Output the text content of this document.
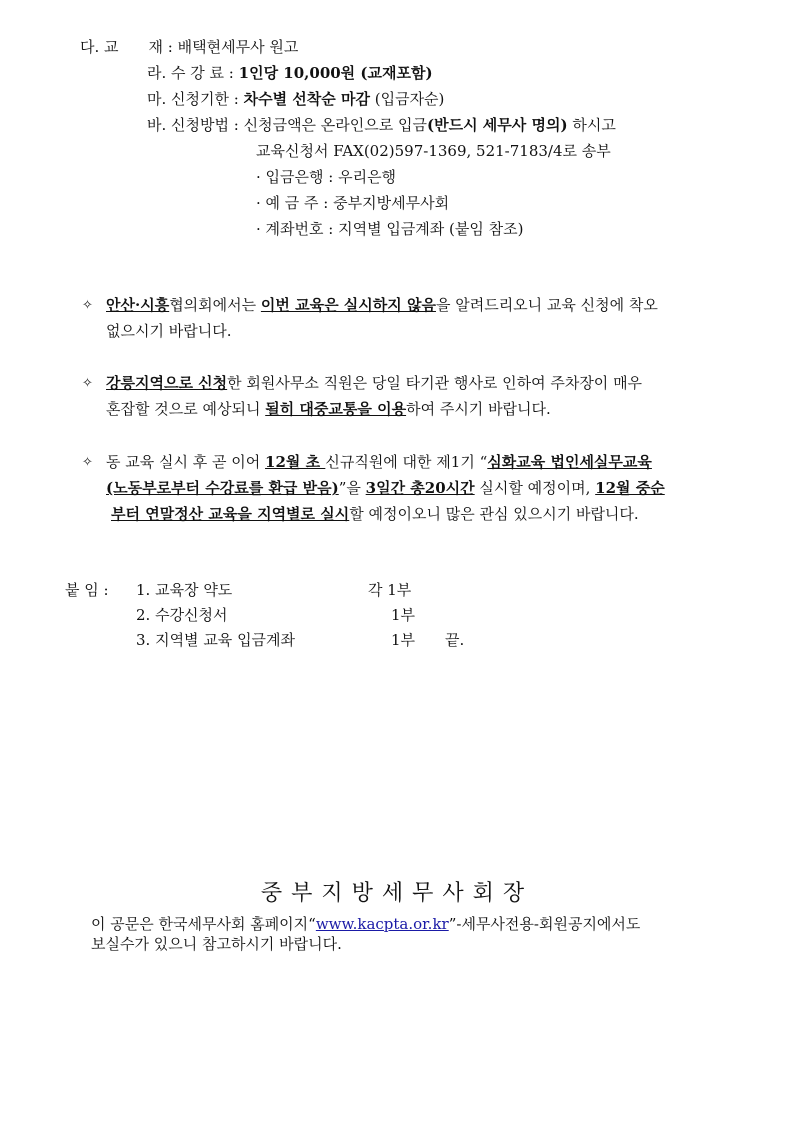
다. 교　　재 : 배택현세무사 원고
라. 수 강 료 : 1인당 10,000원 (교재포함)
마. 신청기한 : 차수별 선착순 마감 (입금자순)
바. 신청방법 : 신청금액은 온라인으로 입금(반드시 세무사 명의) 하시고
교육신청서 FAX(02)597-1369, 521-7183/4로 송부
· 입금은행 : 우리은행
· 예 금 주 : 중부지방세무사회
· 계좌번호 : 지역별 입금계좌 (붙임 참조)
✧ 안산·시흥협의회에서는 이번 교육은 실시하지 않음을 알려드리오니 교육 신청에 착오
없으시기 바랍니다.
✧ 강릉지역으로 신청한 회원사무소 직원은 당일 타기관 행사로 인하여 주차장이 매우
혼잡할 것으로 예상되니 될히 대중교통을 이용하여 주시기 바랍니다.
✧ 동 교육 실시 후 곧 이어 12월 초 신규직원에 대한 제1기 “심화교육 법인세실무교육
(노동부로부터 수강료를 환급 받음)”을 3일간 총20시간 실시할 예정이며, 12월 중순
부터 연말정산 교육을 지역별로 실시할 예정이오니 많은 관심 있으시기 바랍니다.
붙 임 : 1. 교육장 약도	각 1부
2. 수강신청서	1부
3. 지역별 교육 입금계좌	1부 끝.
중부지방세무사회장
이 공문은 한국세무사회 홈페이지“www.kacpta.or.kr”-세무사전용-회원공지에서도
보실수가 있으니 참고하시기 바랍니다.
